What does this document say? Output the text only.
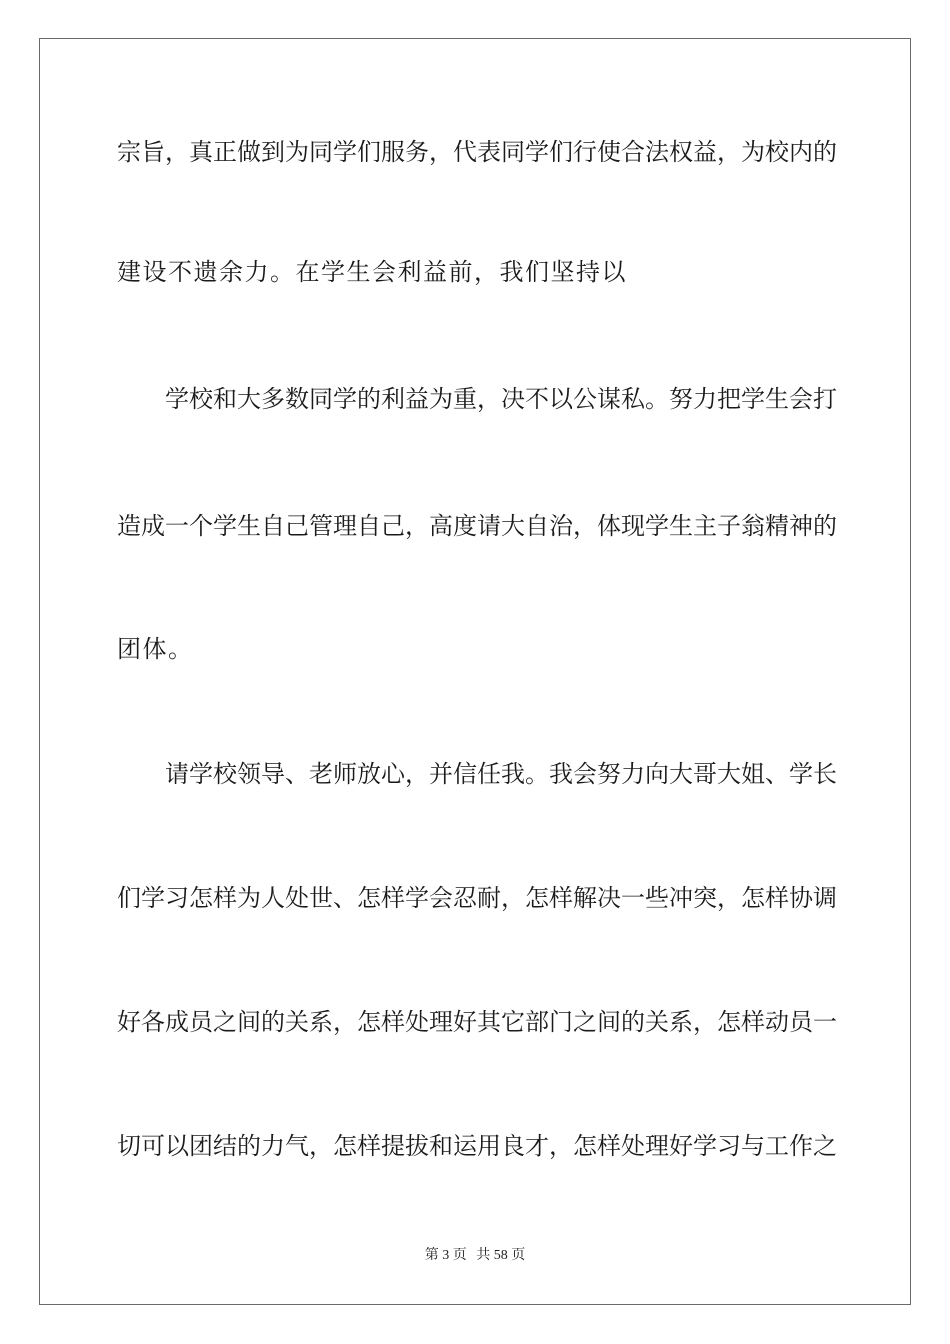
宗旨，真正做到为同学们服务，代表同学们行使合法权益，为校内的
建设不遗余力。在学生会利益前，我们坚持以
学校和大多数同学的利益为重，决不以公谋私。努力把学生会打
造成一个学生自己管理自己，高度请大自治，体现学生主子翁精神的
团体。
请学校领导、老师放心，并信任我。我会努力向大哥大姐、学长
们学习怎样为人处世、怎样学会忍耐，怎样解决一些冲突，怎样协调
好各成员之间的关系，怎样处理好其它部门之间的关系，怎样动员一
切可以团结的力气，怎样提拔和运用良才，怎样处理好学习与工作之
第 3 页 共 58 页
